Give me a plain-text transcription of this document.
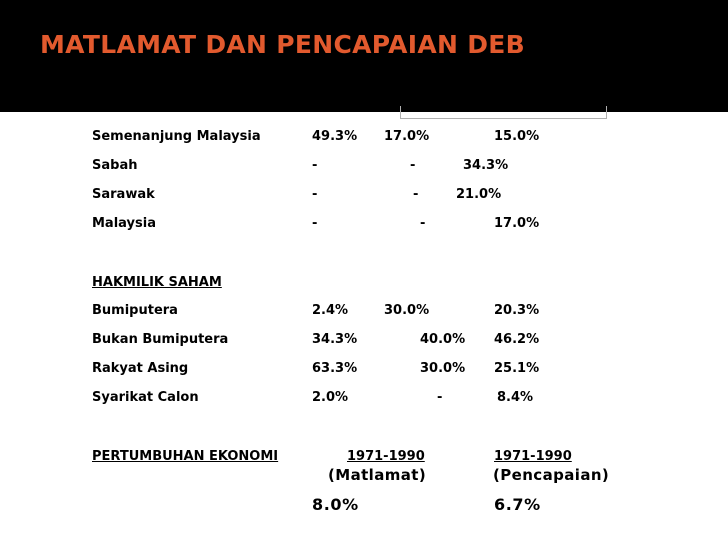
MATLAMAT DAN PENCAPAIAN DEB
Semenanjung Malaysia	49.3% 17.0%	15.0%
Sabah	-	-	34.3%
Sarawak	-	-	21.0%
Malaysia	-	-	17.0%
HAKMILIK SAHAM
Bumiputera	2.4%	30.0%	20.3%
Bukan Bumiputera	34.3%	40.0% 46.2%
Rakyat Asing	63.3%	30.0% 25.1%
Syarikat Calon	2.0%	-	8.4%
PERTUMBUHAN EKONOMI	1971-1990	1971-1990
(Matlamat)	(Pencapaian)
8.0%	6.7%
